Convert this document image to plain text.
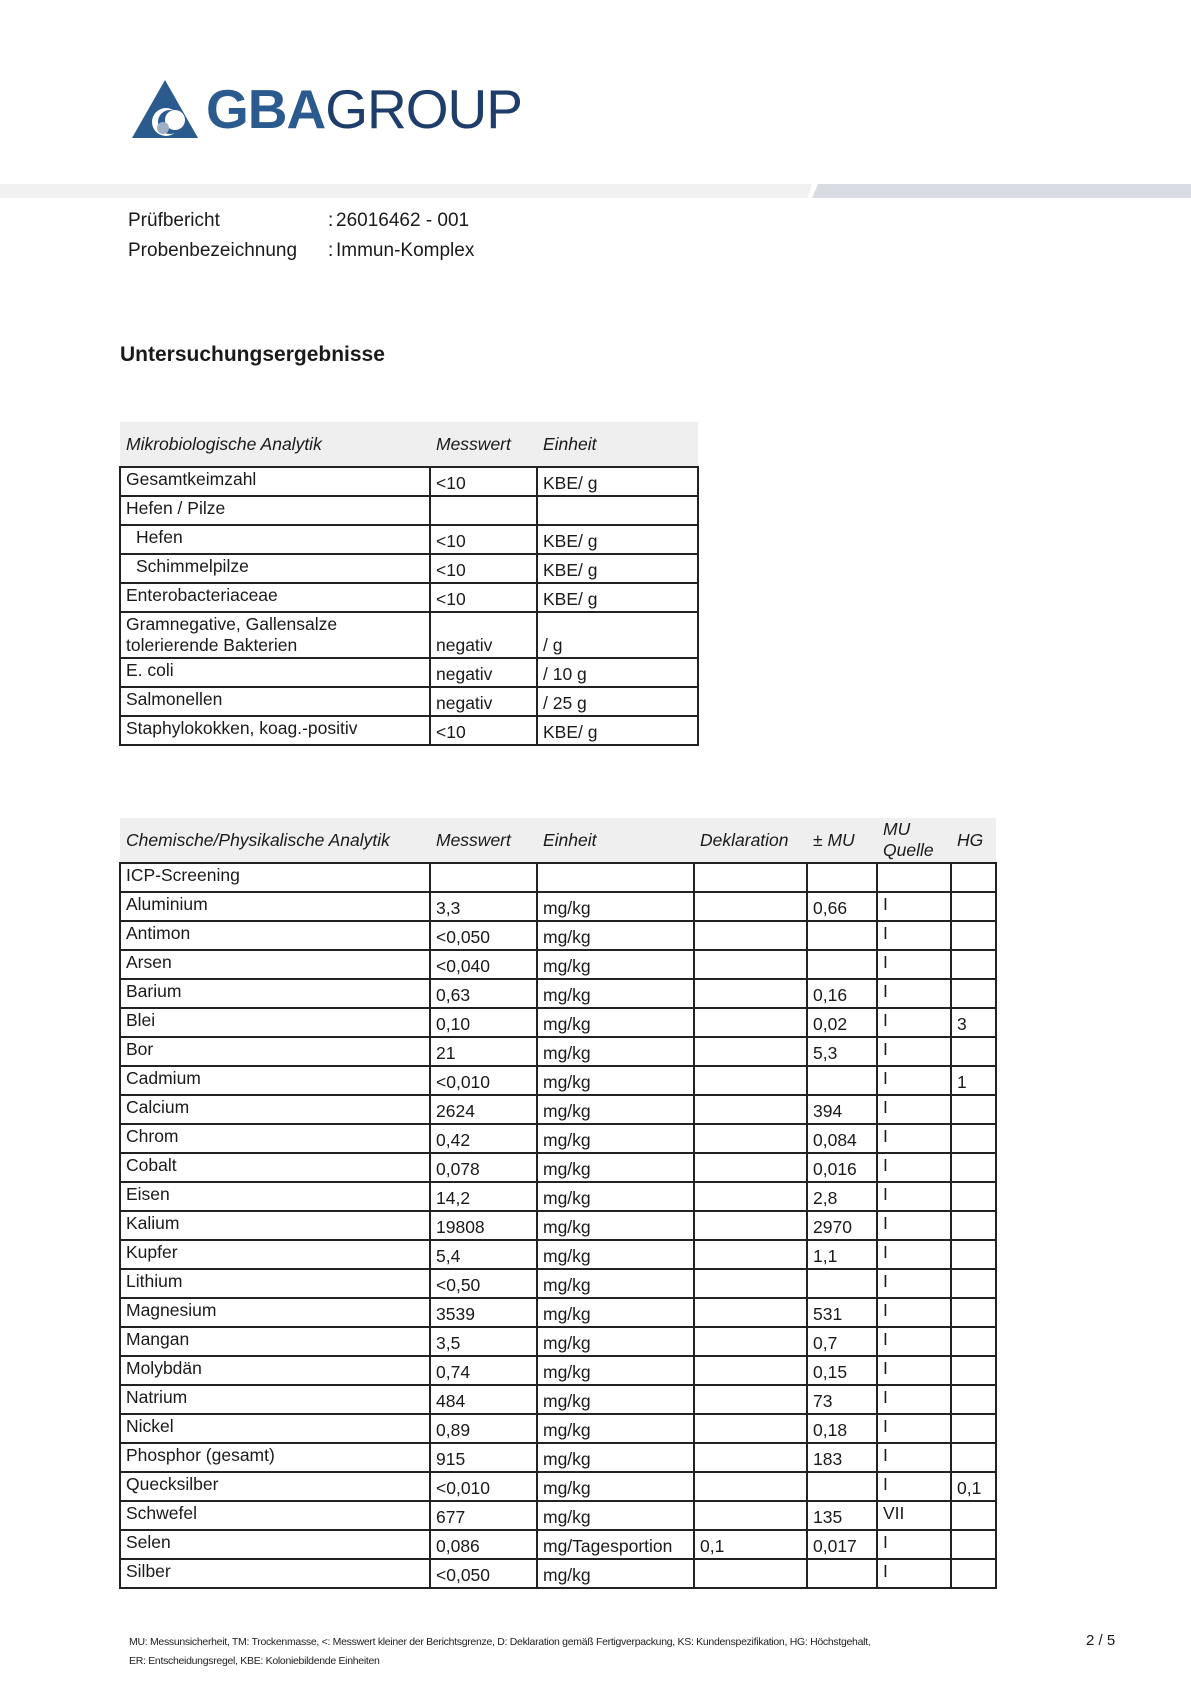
GBAGROUP
Prüfbericht	: 26016462 - 001
Probenbezeichnung	: Immun-Komplex
Untersuchungsergebnisse
Mikrobiologische Analytik	Messwert	Einheit
Gesamtkeimzahl	<10	KBE/ g
Hefen / Pilze		
Hefen	<10	KBE/ g
Schimmelpilze	<10	KBE/ g
Enterobacteriaceae	<10	KBE/ g
Gramnegative, Gallensalze tolerierende Bakterien	negativ	/ g
E. coli	negativ	/ 10 g
Salmonellen	negativ	/ 25 g
Staphylokokken, koag.-positiv	<10	KBE/ g
Chemische/Physikalische Analytik	Messwert	Einheit	Deklaration	± MU	MU Quelle	HG
ICP-Screening						
Aluminium	3,3	mg/kg		0,66	I	
Antimon	<0,050	mg/kg			I	
Arsen	<0,040	mg/kg			I	
Barium	0,63	mg/kg		0,16	I	
Blei	0,10	mg/kg		0,02	I	3
Bor	21	mg/kg		5,3	I	
Cadmium	<0,010	mg/kg			I	1
Calcium	2624	mg/kg		394	I	
Chrom	0,42	mg/kg		0,084	I	
Cobalt	0,078	mg/kg		0,016	I	
Eisen	14,2	mg/kg		2,8	I	
Kalium	19808	mg/kg		2970	I	
Kupfer	5,4	mg/kg		1,1	I	
Lithium	<0,50	mg/kg			I	
Magnesium	3539	mg/kg		531	I	
Mangan	3,5	mg/kg		0,7	I	
Molybdän	0,74	mg/kg		0,15	I	
Natrium	484	mg/kg		73	I	
Nickel	0,89	mg/kg		0,18	I	
Phosphor (gesamt)	915	mg/kg		183	I	
Quecksilber	<0,010	mg/kg			I	0,1
Schwefel	677	mg/kg		135	VII	
Selen	0,086	mg/Tagesportion	0,1	0,017	I	
Silber	<0,050	mg/kg			I	
MU: Messunsicherheit, TM: Trockenmasse, <: Messwert kleiner der Berichtsgrenze, D: Deklaration gemäß Fertigverpackung, KS: Kundenspezifikation, HG: Höchstgehalt,
ER: Entscheidungsregel, KBE: Koloniebildende Einheiten
2 / 5
